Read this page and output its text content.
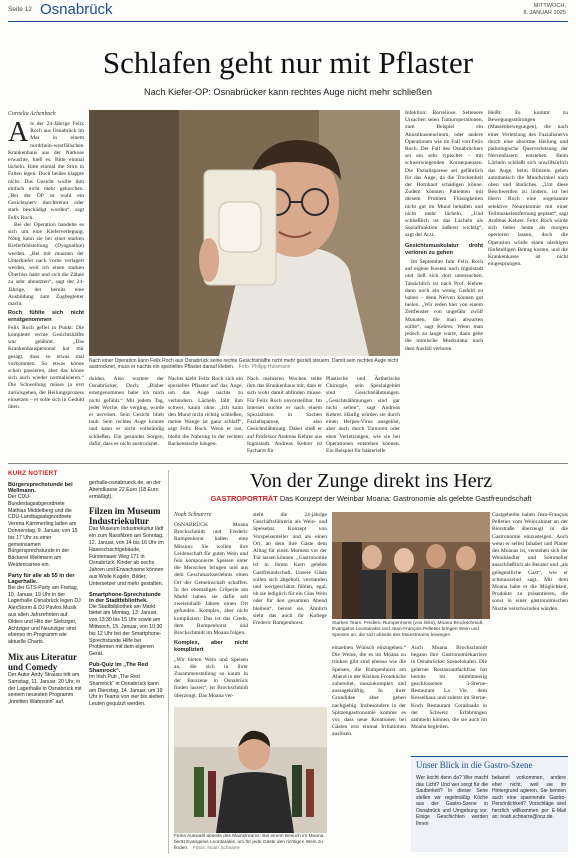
Seite 12 Osnabrück	MITTWOCH,
8. JANUAR 2025
Schlafen geht nur mit Pflaster
Nach Kiefer-OP: Osnabrücker kann rechtes Auge nicht mehr schließen
Cornelia Achenbach
A ls der 24-Jährige Felix Roch aus Osnabrück im Mai in einem nordrhein-westfälischen Krankenhaus aus der Narkose erwachte, hieß es: Bitte einmal lächeln. Bitte einmal die Stirn in Falten legen. Doch beides klappte nicht. Das Gesicht wollte ihm einfach nicht mehr gehorchen. „Bei der OP ist wohl ein Gesichtsnerv durchtrennt oder stark beschädigt worden“, sagt Felix Roch.
Bei der Operation handelte es sich um eine Kieferverlegung. Nötig kann sie bei einer starken Kieferfehlstellung (Dysgnathie) werden. „Bei mir mussten der Unterkiefer nach vorne verlagert werden, weil ich einen starken Überbiss hatte und sich die Zähne zu sehr abnutzten“, sagt der 24-Jährige, der bereits eine Ausbildung zum Zugbegleiter macht.
Roch fühlte sich nicht ernstgenommen
Felix Roch gefiel in Punkt: Die komplette rechte Gesichtshälfte war gelähmt. „Das Krankenhauspersonal hat mir gesagt, dass so etwas mal vorkommen. So etwas könne schon passieren, aber das könne sich auch wieder normalisieren.“ Die Schwellung müsse ja erst zurückgehen, der Heilungsprozess einsetzen – er solle sich in Geduld üben.
Nach einer Operation kann Felix Roch aus Osnabrück seine rechte Gesichtshälfte nicht mehr gezielt steuern. Damit sein rechtes Auge nicht austrocknet, muss er nachts ein spezielles Pflaster darauf kleben. Foto: Philipp Hülsmann
dulden. Also wartete der Osnabrücker. Doch: „Bisher ernstgenommen habe ich mich nicht gefühlt.“ Mit jedem Tag, jeder Woche, die verging, wurde er nervöser. Sein Gesicht blieb taub. Sein rechtes Auge konnte und kann er nicht vollständig schließen. Ein gesundes Sorgen, dafür, dass es nicht austrocknet.
Nachts klebt Felix Roch sich ein spezielles Pflaster auf das Auge, um das Auge nachts zu verhindern. Lächeln fällt ihm schwer, kaum ohne. „Ich kann den Mund nicht richtig schließen, meine Wange ist ganz schlaff“, sagt Felix Roch. Wenn er isst, bleibt die Nahrung in der rechten Backentasche hängen.
Nach mehreren Wochen teilte ihm das Krankenhaus mit, dass er sich wohl damit abfinden müsse. Für Felix Roch unvorstellbar. Im Internet suchte er nach einem Spezialisten in Sachen Fazialisparese, also Gesichtslähmung. Dabei stieß er auf Professor Andreas Kehrer aus Ingolstadt. Andreas Kehrer ist Facharzt für
Plastische und Ästhetische Chirurgie, sein Spezialgebiet sind Gesichtslähmungen. „Gesichtslähmungen sind gar nicht selten“, sagt Andreas Kehrer. Häufig würden sie durch einen Herpes-Virus ausgelöst, aber auch durch Tumoren oder eben Verletzungen, wie sie bei Operationen entstehen können. Ein Beispiel für bakterielle
Infektion: Borreliose. Seltenere Ursachen seien Tumoroperationen, zum Beispiel ein Akustikusneurinom, oder andere Operationen wie im Fall von Felix Roch. Der Fall des Osnabrückers sei ein sehr typischer – mit schwerwiegenden Konsequenzen. Die Fazialisparese sei gefährlich für das Auge, da die Trockenheit der Hornhaut schädigen könne. Zudem könnten Patienten mit diesem Problem Flüssigkeiten nicht gut im Mund behalten und nicht mehr lächeln. „Und schließlich ist das Lächeln als Sozialfunktion äußerst wichtig“, sagt der Arzt.
Gesichtsmuskulatur droht verloren zu gehen
Im September fuhr Felix Roch auf eigene Kosten nach Ingolstadt und ließ sich dort untersuchen. Tatsächlich ist nach Prof. Kehrer dann noch ein wenig Geduld zu haben – denn Nerven können gut heilen. „Wir reden hier von einem Zeitfenster von ungefähr zwölf Monaten, die man abwarten sollte“, sagt Kehrer. Wenn man jedoch zu lange warte, dann gehe die mimische Muskulatur nach dem Ausfall verloren.
Heißt: Es kommt zu Bewegungsstörungen (Massenbewegungen), die nach einer Verletzung des Fazialisnervs durch eine abnorme Heilung und pathologische Querverletzung der Nervenfasern entstehen. Beim Lächeln schließt sich unwillkürlich das Auge, beim Blinzeln gehen automatisch die Mundwinkel nach oben und ähnliches. „Um diese Beschwerden zu lindern, ist bei Herrn Roch eine sogenannte selektive Neurektomie mit einer Teilmuskelentfernung geplant“, sagt Andreas Kehrer. Felix Roch würde sich lieber heute als morgen operieren lassen, doch die Operation würde einen niedrigen fünfstelligen Betrag kosten, und die Krankenkasse ist nicht eingesprungen.
KURZ NOTIERT
Bürgersprechstunde bei Wellmann.

Der CDU-Bundestagsabgeordnete Mathias Middelberg und die CDU-Landtagsabgeordnete Verena Kämmerling laden am Donnerstag, 9. Januar, von 15 bis 17 Uhr zu einer gemeinsamen Bürgersprechstunde in der Bäckerei Wellmann am Weidencarree ein.

Party für alle ab 55 in der Lagerhalle.

Bei der GTS-Party am Freitag, 10. Januar, 19 Uhr in der Lagerhalle Osnabrück legen DJ AlexStorm & DJ Pavlos Musik aus allen Jahrzehnten auf. Oldies und Hits der Siebziger, Achtziger und Neunziger sind ebenso im Programm wie aktuelle Charts.

Mix aus Literatur und Comedy

Der Autor Andy Strauss tritt am Samstag, 11. Januar, 20 Uhr, in der Lagerhalle in Osnabrück mit seinem neuesten Programm „Inmitten Wahnsinn“ auf.

gerhalle-osnabrueck.de, an der Abendkasse 22 Euro (18 Euro ermäßigt).

Filzen im Museum Industriekultur

Das Museum Industriekultur lädt ein zum Nassfilzen am Sonntag, 12. Januar, von 14 bis 16 Uhr im Haseschachtgebäude, Fürstenauer Weg 171 in Osnabrück. Kinder ab sechs Jahren und Erwachsene können aus Wolle Kugeln, Bilder, Untersetzer und mehr gestalten.

Smartphone-Sprechstunde in der Stadtbibliothek.

Die Stadtbibliothek am Markt bietet am Montag, 13. Januar, von 13:30 bis 15 Uhr sowie am Mittwoch, 15. Januar, von 10:30 bis 12 Uhr bei der Smartphone-Sprechstunde Hilfe bei Problemen mit dem eigenen Gerät.

Pub-Quiz im „The Red Shamrock“.

Im Irish Pub „The Red Shamrock“ in Osnabrück kann am Dienstag, 14. Januar, um 19 Uhr in Teams von vier bis sieben Leuten gequizzt werden.

Von der Zunge direkt ins Herz
GASTROPORTRÄT Das Konzept der Weinbar Moana: Gastronomie als gelebte Gastfreundschaft
Noah Schnarrre
OSNABRÜCK Moana Brockschmidt und Frederic Rumpenhorst haben eine Mission: Sie wollen ihre Leidenschaft für guten Wein und fein komponierte Speisen unter die Menschen bringen und aus dem Geschmackserlebnis einen Ort der Gemeinschaft schaffen. In der ehemaligen Crêperie am Markt haben sie dafür seit zweieinhalb Jahren einen Ort gefunden. Komplex, aber nicht kompliziert: Das ist das Credo, dem Rumpenhorst und Brockschmidt im Moana folgen.
Komplex, aber nicht kompliziert
„Wir bieten Wein und Speisen an, die sich in ihrer Zusammenstellung so kaum in der Barszene in Osnabrück finden lassen“, ist Brockschmidt überzeugt. Das Moana ver-
steht die 24-jährige Geschäftsführerin als Wein- und Speisebar. Konzept von Vorspeisenteller und als einen Ort, an dem ihre Gäste dem Alltag für einen Moment vor der Tür lassen können. „Gastronomie ist in ihrem Kern gelebte Gastfreundschaft. Unsere Gäste sollen sich abgeholt, verstanden und wertgeschätzt fühlen, egal, ob sie lediglich für ein Glas Wein oder für den gesamten Abend bleiben“, betont sie. Ähnlich sieht das auch ihr Kollege Frederic Rumpenhorst.	Starkes Team: Frederic Rumpenhorst (von links), Moana Brockschmidt, Evangelos Leontarakis und Jean-François Pelletier bringen Wein und Speisen an, die sich abseits des Mainstreams bewegen.
einzelnen Wünsch einzugehen.“ Die Weine, die es im Moana zu trinken gibt sind ebenso wie die Speisen, die Rumpenhorst am Abend in der Kleinen Frontküche zubereitet, rauszukomplex und aussagekräftig. In ihrer Grundidee aber gehen nachgiebig. Insbesondere in der Spitzengastronomie komme es vor, dass neue Kreationen bei Gästen erst einmal Irritationen auslösen.
Auch Moana Brockschmidt begann ihre Gastronomiekarriere in Osnabrücker Szenelokalen. Die gelernte Restaurantfachfrau hat bereits im mittelmeerig geschlossenen 3-Sterne-Restaurant La Vie, dem Kesselhaus und zuletzt im Sterne-Koch Restaurant Coralinada in der Schweiz Erfahrungen sammeln können, die sie auch im Moana begleiten.
Feine Auswahl abseits des Mainstreams: Bei einem Besuch im Moana berät Evangelos Leontarakis, um für jede Gäste den richtigen Wein zu finden. Fotos: Noah Schnarre
Gastgeberbe haben Jean-François Pelletier vom Weincabinet an der Bierstraße überzeugt in die Gastronomie einzusteigen. Auch wenn er selbst Inhaber und Planer des Moanas ist, verstehen sich der Weinhändler und Sommelier ausschließlich als Berater und „als gelegentliche Gast“, wie er schmunzelnd sagt. Mit dem Moana habe er die Möglichkeit, Produkte zu präsentieren, die sonst in einer gastronomischen Nische verschwinden würden.
Unser Blick in die Gastro-Szene
Wer kocht denn da? Wer macht das Licht? Und wer sorgt für die Sauberkeit? In dieser Serie stellen wir regelmäßig Köche aus der Gastro-Szene in Osnabrück und Umgebung vor. Einige Geschichten werden Ihnen
bekannt vorkommen, andere eher nicht, weil sie im Hintergrund agieren. Sie kennen auch eine spannende Gastro-Persönlichkeit? Vorschläge sind herzlich willkommen per E-Mail an: noah.schnarre@noz.de.
